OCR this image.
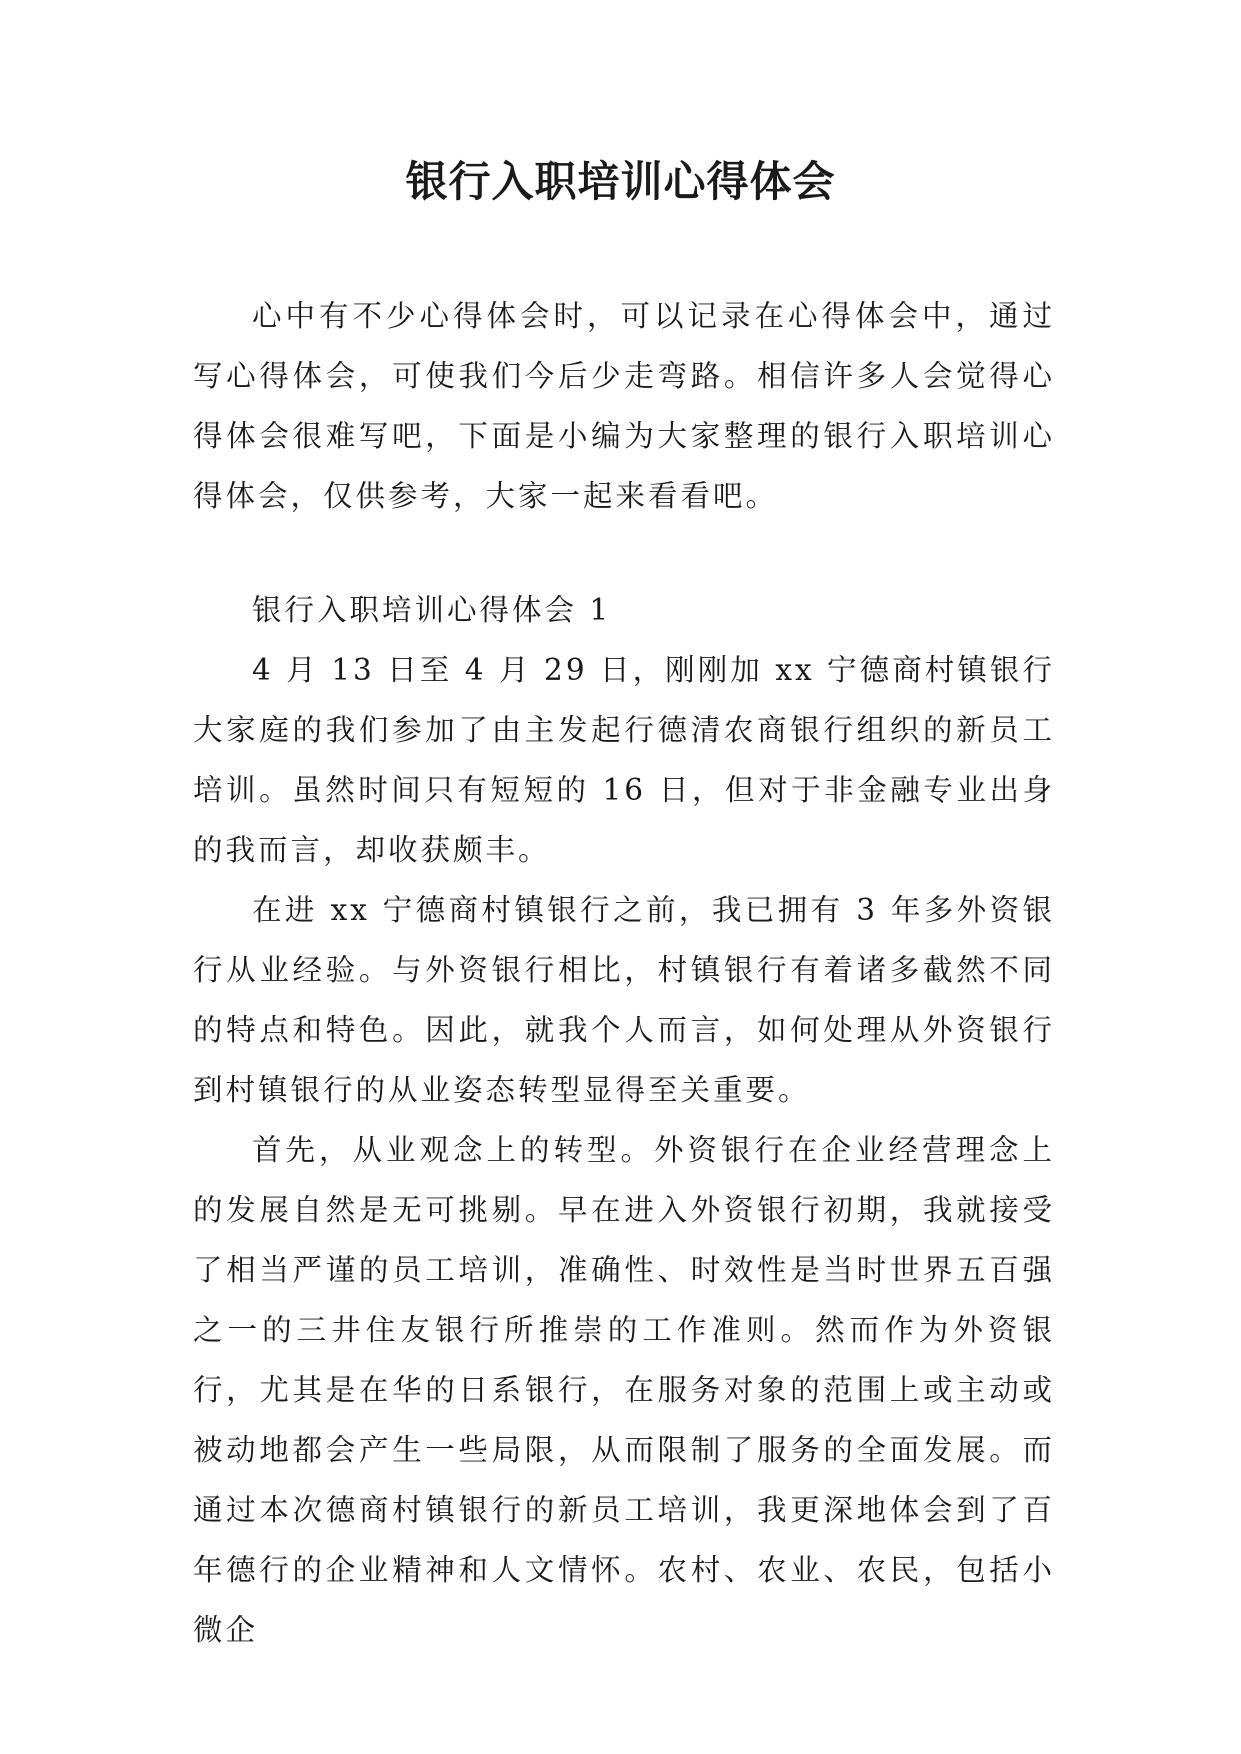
银行入职培训心得体会

心中有不少心得体会时，可以记录在心得体会中，通过写心得体会，可使我们今后少走弯路。相信许多人会觉得心得体会很难写吧，下面是小编为大家整理的银行入职培训心得体会，仅供参考，大家一起来看看吧。

银行入职培训心得体会 1

4 月 13 日至 4 月 29 日，刚刚加 xx 宁德商村镇银行大家庭的我们参加了由主发起行德清农商银行组织的新员工培训。虽然时间只有短短的 16 日，但对于非金融专业出身的我而言，却收获颇丰。

在进 xx 宁德商村镇银行之前，我已拥有 3 年多外资银行从业经验。与外资银行相比，村镇银行有着诸多截然不同的特点和特色。因此，就我个人而言，如何处理从外资银行到村镇银行的从业姿态转型显得至关重要。

首先，从业观念上的转型。外资银行在企业经营理念上的发展自然是无可挑剔。早在进入外资银行初期，我就接受了相当严谨的员工培训，准确性、时效性是当时世界五百强之一的三井住友银行所推崇的工作准则。然而作为外资银行，尤其是在华的日系银行，在服务对象的范围上或主动或被动地都会产生一些局限，从而限制了服务的全面发展。而通过本次德商村镇银行的新员工培训，我更深地体会到了百年德行的企业精神和人文情怀。农村、农业、农民，包括小微企
